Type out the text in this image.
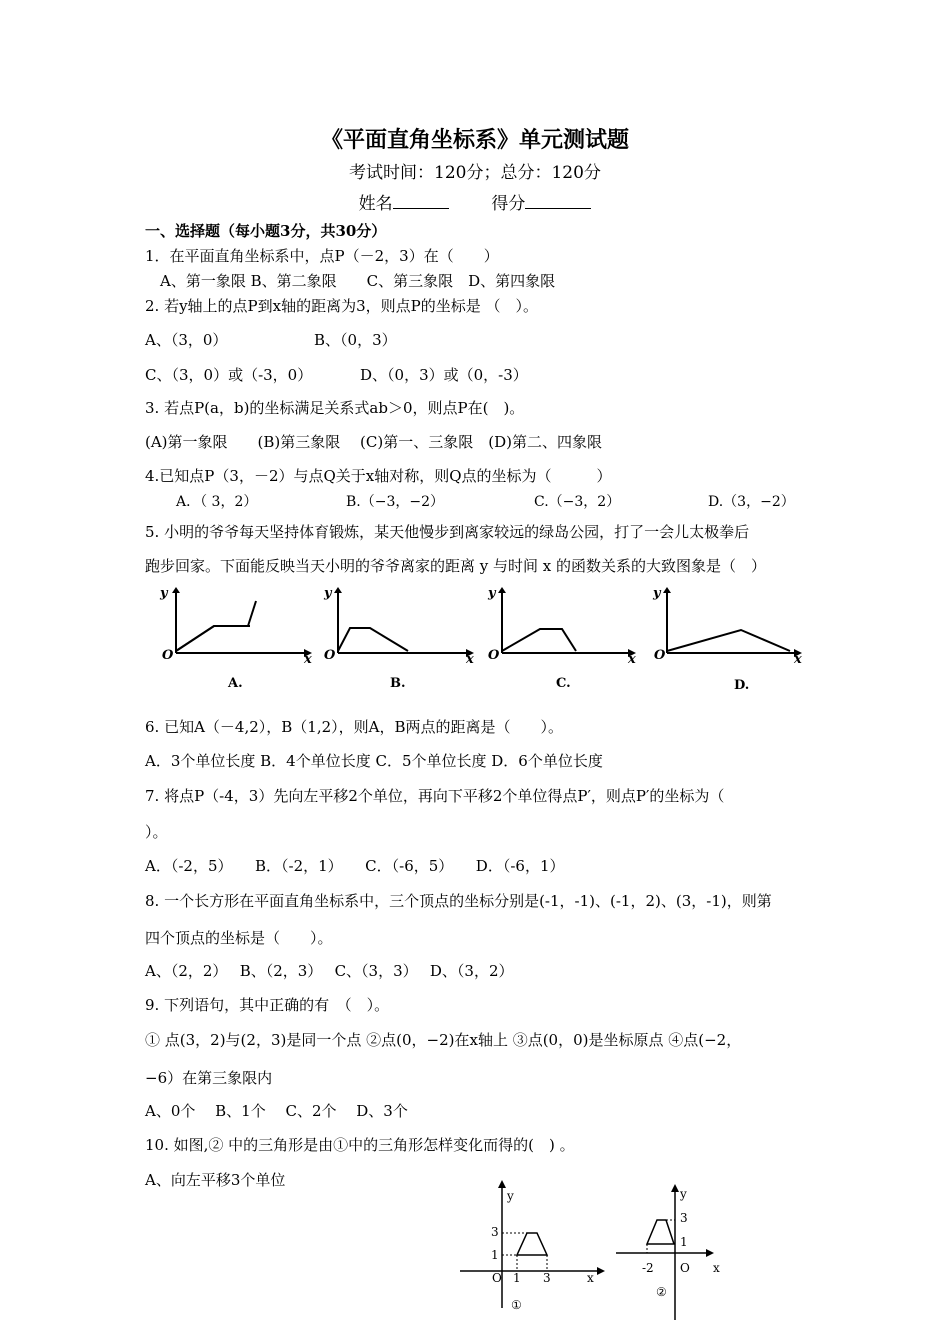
《平面直角坐标系》单元测试题
考试时间：120分；总分：120分
姓名	得分
一、选择题（每小题3分，共30分）
1．在平面直角坐标系中，点P（－2，3）在（　　）
A、第一象限 B、第二象限　　C、第三象限　D、第四象限
2. 若y轴上的点P到x轴的距离为3，则点P的坐标是 （　）。
A、（3，0）	B、（0，3）
C、（3，0）或（-3，0）	D、（0，3）或（0，-3）
3. 若点P(a，b)的坐标满足关系式ab＞0，则点P在(　)。
(A)第一象限　　(B)第三象限　 (C)第一、三象限　(D)第二、四象限
4.已知点P（3，－2）与点Q关于x轴对称，则Q点的坐标为（　　　）
A．（ 3，2）	B.（−3，−2）	C.（−3，2）	D.（3，−2）
5. 小明的爷爷每天坚持体育锻炼，某天他慢步到离家较远的绿岛公园，打了一会儿太极拳后
跑步回家。下面能反映当天小明的爷爷离家的距离 y 与时间 x 的函数关系的大致图象是（　）
y
O	x
y
O	x
y
O	x
y
O	x
A.	B.	C.	D.
6. 已知A（－4,2），B（1,2），则A，B两点的距离是（　　）。
A．3个单位长度 B．4个单位长度 C．5个单位长度 D．6个单位长度
7. 将点P（-4，3）先向左平移2个单位，再向下平移2个单位得点P′，则点P′的坐标为（
）。
A．（-2，5）　　B．（-2，1）　　C．（-6，5）　　D．（-6，1）
8. 一个长方形在平面直角坐标系中，三个顶点的坐标分别是(-1，-1)、(-1，2)、(3，-1)，则第
四个顶点的坐标是（　　）。
A、（2，2）　 B、（2，3）　 C、（3，3）　 D、（3，2）
9. 下列语句，其中正确的有　（　）。
① 点(3，2)与(2，3)是同一个点 ②点(0，−2)在x轴上 ③点(0，0)是坐标原点 ④点(−2，
−6）在第三象限内
A、0个　 B、1个　 C、2个　 D、3个
10. 如图,② 中的三角形是由①中的三角形怎样变化而得的(　) 。
A、向左平移3个单位
y
3
1
O 1 3	x
①
y
3
1
-2 O x
②
